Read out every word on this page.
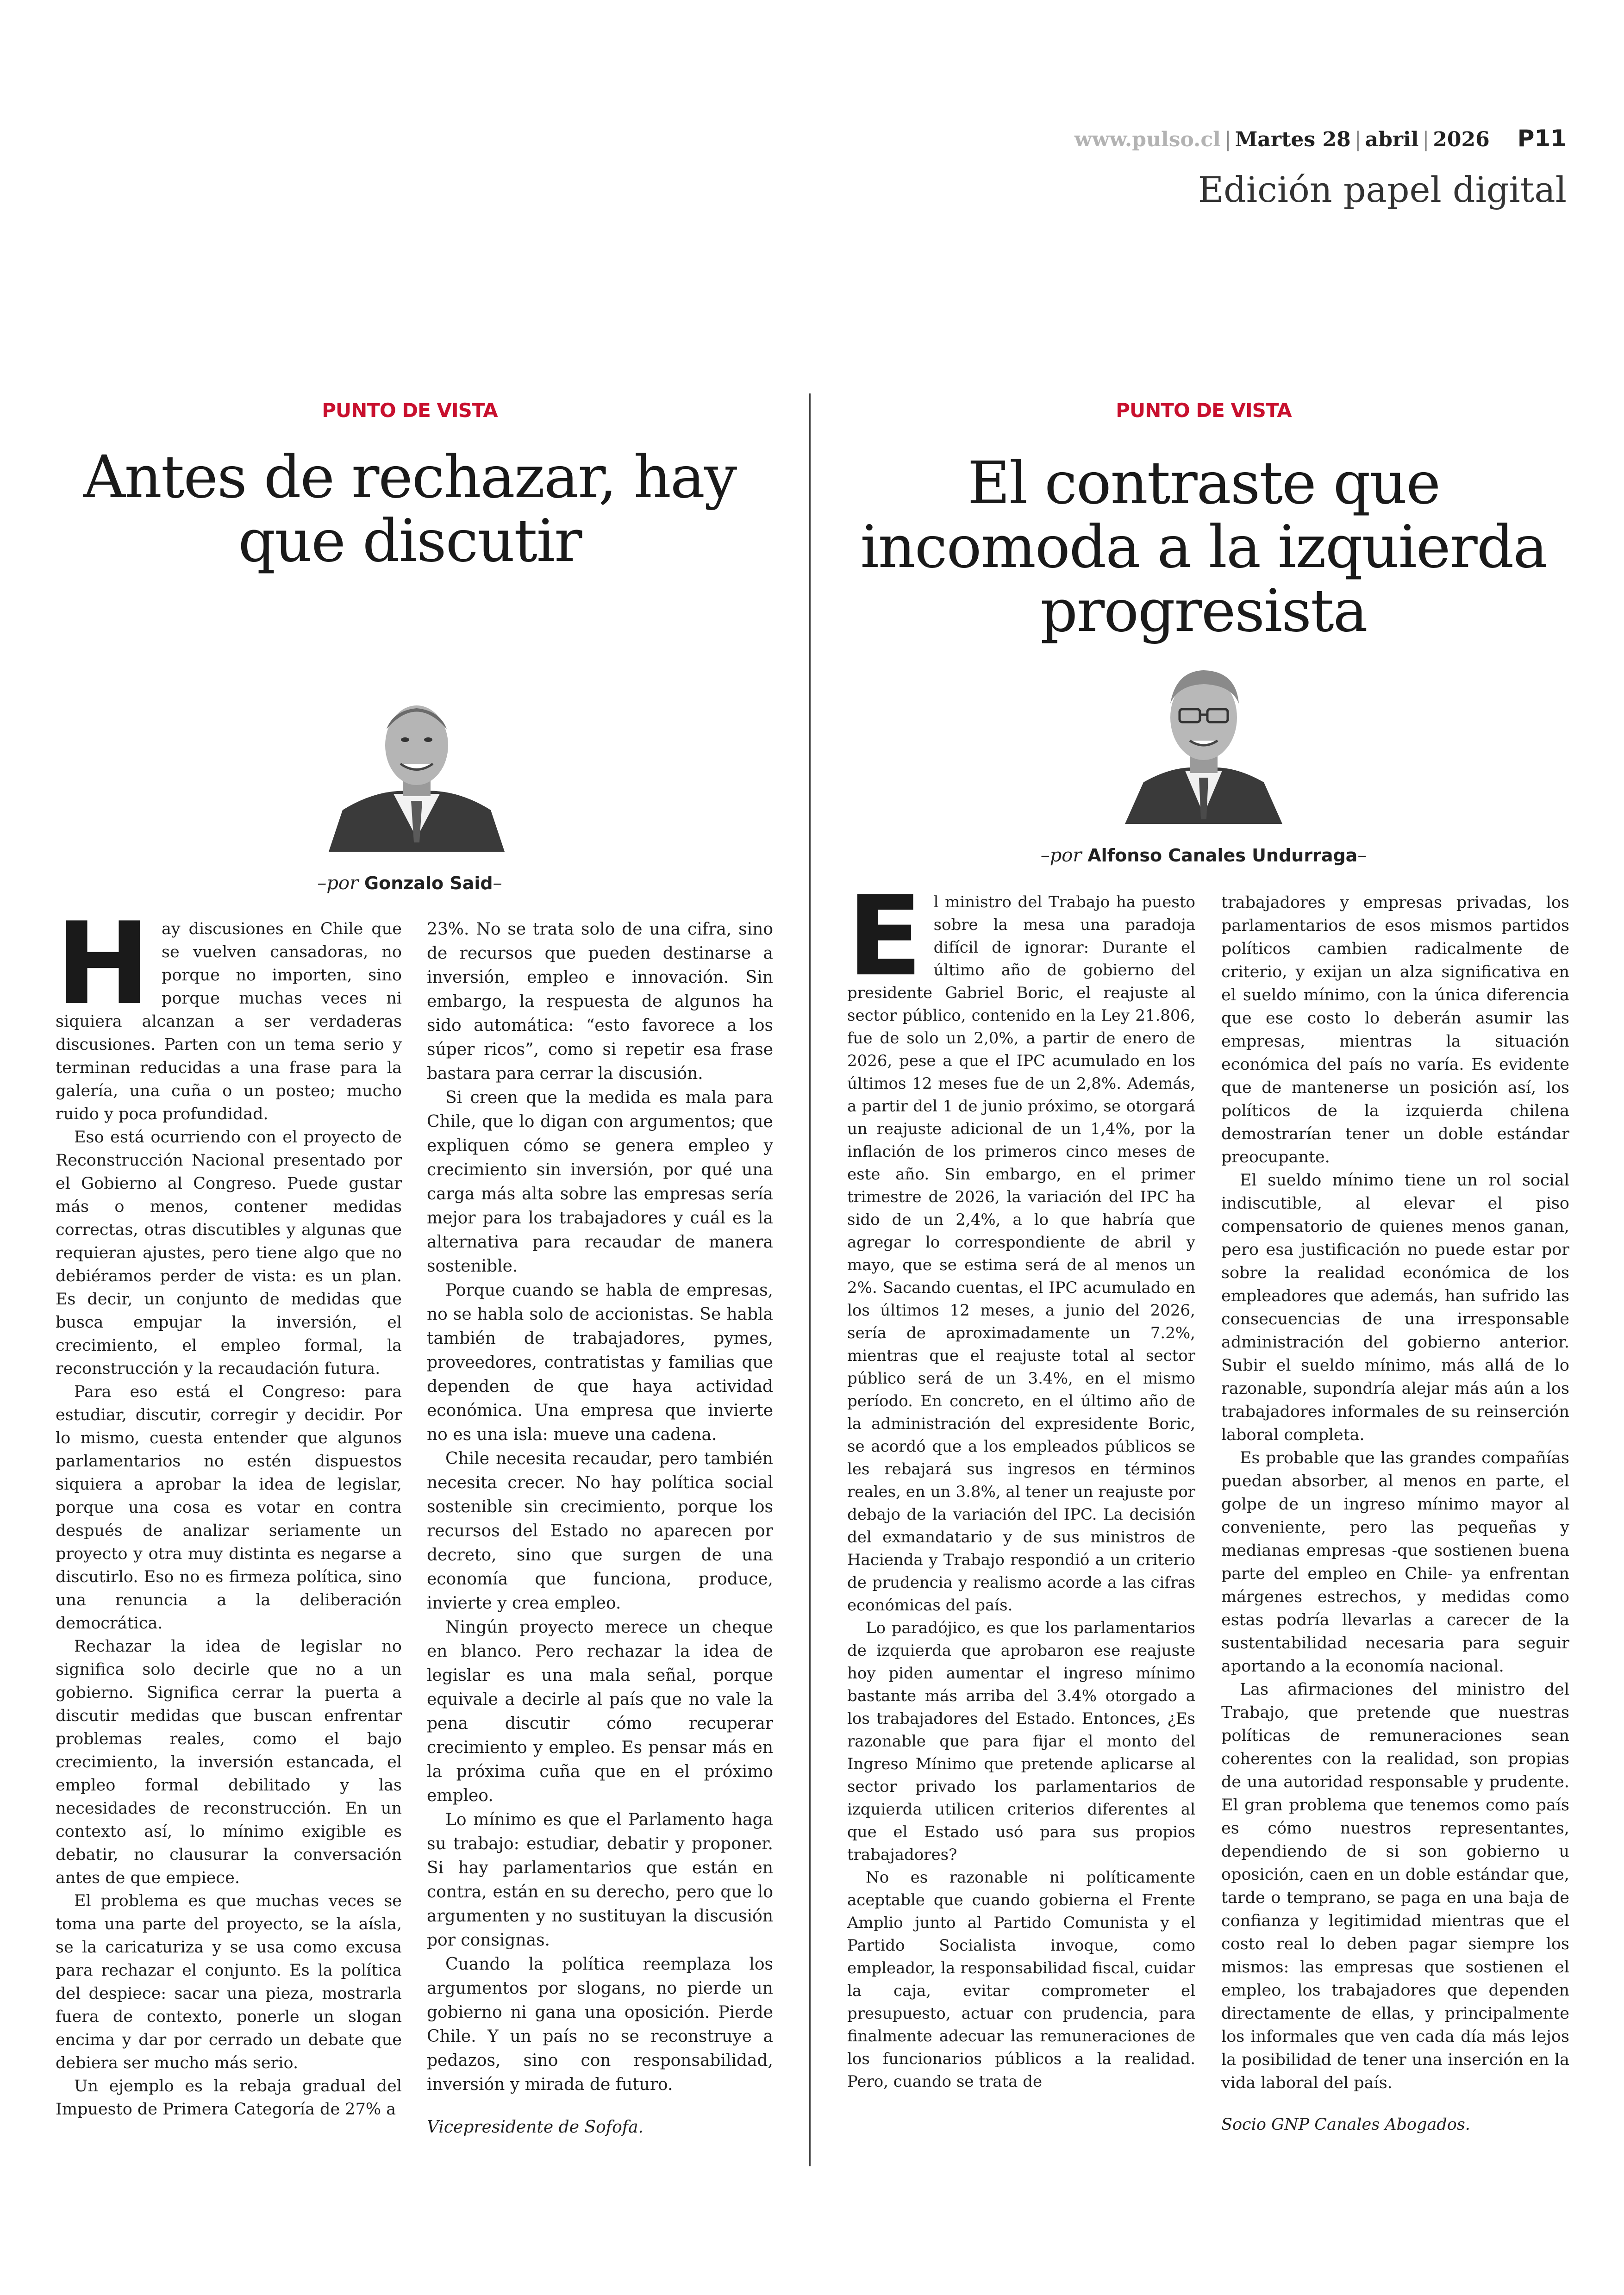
www.pulso.cl | Martes 28 | abril | 2026 P11
Edición papel digital
PUNTO DE VISTA
Antes de rechazar, hay que discutir
–por Gonzalo Said–
H ay discusiones en Chile que se vuelven cansadoras, no porque no importen, sino porque muchas veces ni siquiera alcanzan a ser verdaderas discusiones. Parten con un tema serio y terminan reducidas a una frase para la galería, una cuña o un posteo; mucho ruido y poca profundidad.

Eso está ocurriendo con el proyecto de Reconstrucción Nacional presentado por el Gobierno al Congreso. Puede gustar más o menos, contener medidas correctas, otras discutibles y algunas que requieran ajustes, pero tiene algo que no debiéramos perder de vista: es un plan. Es decir, un conjunto de medidas que busca empujar la inversión, el crecimiento, el empleo formal, la reconstrucción y la recaudación futura.

Para eso está el Congreso: para estudiar, discutir, corregir y decidir. Por lo mismo, cuesta entender que algunos parlamentarios no estén dispuestos siquiera a aprobar la idea de legislar, porque una cosa es votar en contra después de analizar seriamente un proyecto y otra muy distinta es negarse a discutirlo. Eso no es firmeza política, sino una renuncia a la deliberación democrática.

Rechazar la idea de legislar no significa solo decirle que no a un gobierno. Significa cerrar la puerta a discutir medidas que buscan enfrentar problemas reales, como el bajo crecimiento, la inversión estancada, el empleo formal debilitado y las necesidades de reconstrucción. En un contexto así, lo mínimo exigible es debatir, no clausurar la conversación antes de que empiece.

El problema es que muchas veces se toma una parte del proyecto, se la aísla, se la caricaturiza y se usa como excusa para rechazar el conjunto. Es la política del despiece: sacar una pieza, mostrarla fuera de contexto, ponerle un slogan encima y dar por cerrado un debate que debiera ser mucho más serio.

Un ejemplo es la rebaja gradual del Impuesto de Primera Categoría de 27% a

23%. No se trata solo de una cifra, sino de recursos que pueden destinarse a inversión, empleo e innovación. Sin embargo, la respuesta de algunos ha sido automática: “esto favorece a los súper ricos”, como si repetir esa frase bastara para cerrar la discusión.

Si creen que la medida es mala para Chile, que lo digan con argumentos; que expliquen cómo se genera empleo y crecimiento sin inversión, por qué una carga más alta sobre las empresas sería mejor para los trabajadores y cuál es la alternativa para recaudar de manera sostenible.

Porque cuando se habla de empresas, no se habla solo de accionistas. Se habla también de trabajadores, pymes, proveedores, contratistas y familias que dependen de que haya actividad económica. Una empresa que invierte no es una isla: mueve una cadena.

Chile necesita recaudar, pero también necesita crecer. No hay política social sostenible sin crecimiento, porque los recursos del Estado no aparecen por decreto, sino que surgen de una economía que funciona, produce, invierte y crea empleo.

Ningún proyecto merece un cheque en blanco. Pero rechazar la idea de legislar es una mala señal, porque equivale a decirle al país que no vale la pena discutir cómo recuperar crecimiento y empleo. Es pensar más en la próxima cuña que en el próximo empleo.

Lo mínimo es que el Parlamento haga su trabajo: estudiar, debatir y proponer. Si hay parlamentarios que están en contra, están en su derecho, pero que lo argumenten y no sustituyan la discusión por consignas.

Cuando la política reemplaza los argumentos por slogans, no pierde un gobierno ni gana una oposición. Pierde Chile. Y un país no se reconstruye a pedazos, sino con responsabilidad, inversión y mirada de futuro.

Vicepresidente de Sofofa.

PUNTO DE VISTA
El contraste que incomoda a la izquierda progresista
–por Alfonso Canales Undurraga–
E l ministro del Trabajo ha puesto sobre la mesa una paradoja difícil de ignorar: Durante el último año de gobierno del presidente Gabriel Boric, el reajuste al sector público, contenido en la Ley 21.806, fue de solo un 2,0%, a partir de enero de 2026, pese a que el IPC acumulado en los últimos 12 meses fue de un 2,8%. Además, a partir del 1 de junio próximo, se otorgará un reajuste adicional de un 1,4%, por la inflación de los primeros cinco meses de este año. Sin embargo, en el primer trimestre de 2026, la variación del IPC ha sido de un 2,4%, a lo que habría que agregar lo correspondiente de abril y mayo, que se estima será de al menos un 2%. Sacando cuentas, el IPC acumulado en los últimos 12 meses, a junio del 2026, sería de aproximadamente un 7.2%, mientras que el reajuste total al sector público será de un 3.4%, en el mismo período. En concreto, en el último año de la administración del expresidente Boric, se acordó que a los empleados públicos se les rebajará sus ingresos en términos reales, en un 3.8%, al tener un reajuste por debajo de la variación del IPC. La decisión del exmandatario y de sus ministros de Hacienda y Trabajo respondió a un criterio de prudencia y realismo acorde a las cifras económicas del país.

Lo paradójico, es que los parlamentarios de izquierda que aprobaron ese reajuste hoy piden aumentar el ingreso mínimo bastante más arriba del 3.4% otorgado a los trabajadores del Estado. Entonces, ¿Es razonable que para fijar el monto del Ingreso Mínimo que pretende aplicarse al sector privado los parlamentarios de izquierda utilicen criterios diferentes al que el Estado usó para sus propios trabajadores?

No es razonable ni políticamente aceptable que cuando gobierna el Frente Amplio junto al Partido Comunista y el Partido Socialista invoque, como empleador, la responsabilidad fiscal, cuidar la caja, evitar comprometer el presupuesto, actuar con prudencia, para finalmente adecuar las remuneraciones de los funcionarios públicos a la realidad. Pero, cuando se trata de

trabajadores y empresas privadas, los parlamentarios de esos mismos partidos políticos cambien radicalmente de criterio, y exijan un alza significativa en el sueldo mínimo, con la única diferencia que ese costo lo deberán asumir las empresas, mientras la situación económica del país no varía. Es evidente que de mantenerse un posición así, los políticos de la izquierda chilena demostrarían tener un doble estándar preocupante.

El sueldo mínimo tiene un rol social indiscutible, al elevar el piso compensatorio de quienes menos ganan, pero esa justificación no puede estar por sobre la realidad económica de los empleadores que además, han sufrido las consecuencias de una irresponsable administración del gobierno anterior. Subir el sueldo mínimo, más allá de lo razonable, supondría alejar más aún a los trabajadores informales de su reinserción laboral completa.

Es probable que las grandes compañías puedan absorber, al menos en parte, el golpe de un ingreso mínimo mayor al conveniente, pero las pequeñas y medianas empresas -que sostienen buena parte del empleo en Chile- ya enfrentan márgenes estrechos, y medidas como estas podría llevarlas a carecer de la sustentabilidad necesaria para seguir aportando a la economía nacional.

Las afirmaciones del ministro del Trabajo, que pretende que nuestras políticas de remuneraciones sean coherentes con la realidad, son propias de una autoridad responsable y prudente. El gran problema que tenemos como país es cómo nuestros representantes, dependiendo de si son gobierno u oposición, caen en un doble estándar que, tarde o temprano, se paga en una baja de confianza y legitimidad mientras que el costo real lo deben pagar siempre los mismos: las empresas que sostienen el empleo, los trabajadores que dependen directamente de ellas, y principalmente los informales que ven cada día más lejos la posibilidad de tener una inserción en la vida laboral del país.

Socio GNP Canales Abogados.
